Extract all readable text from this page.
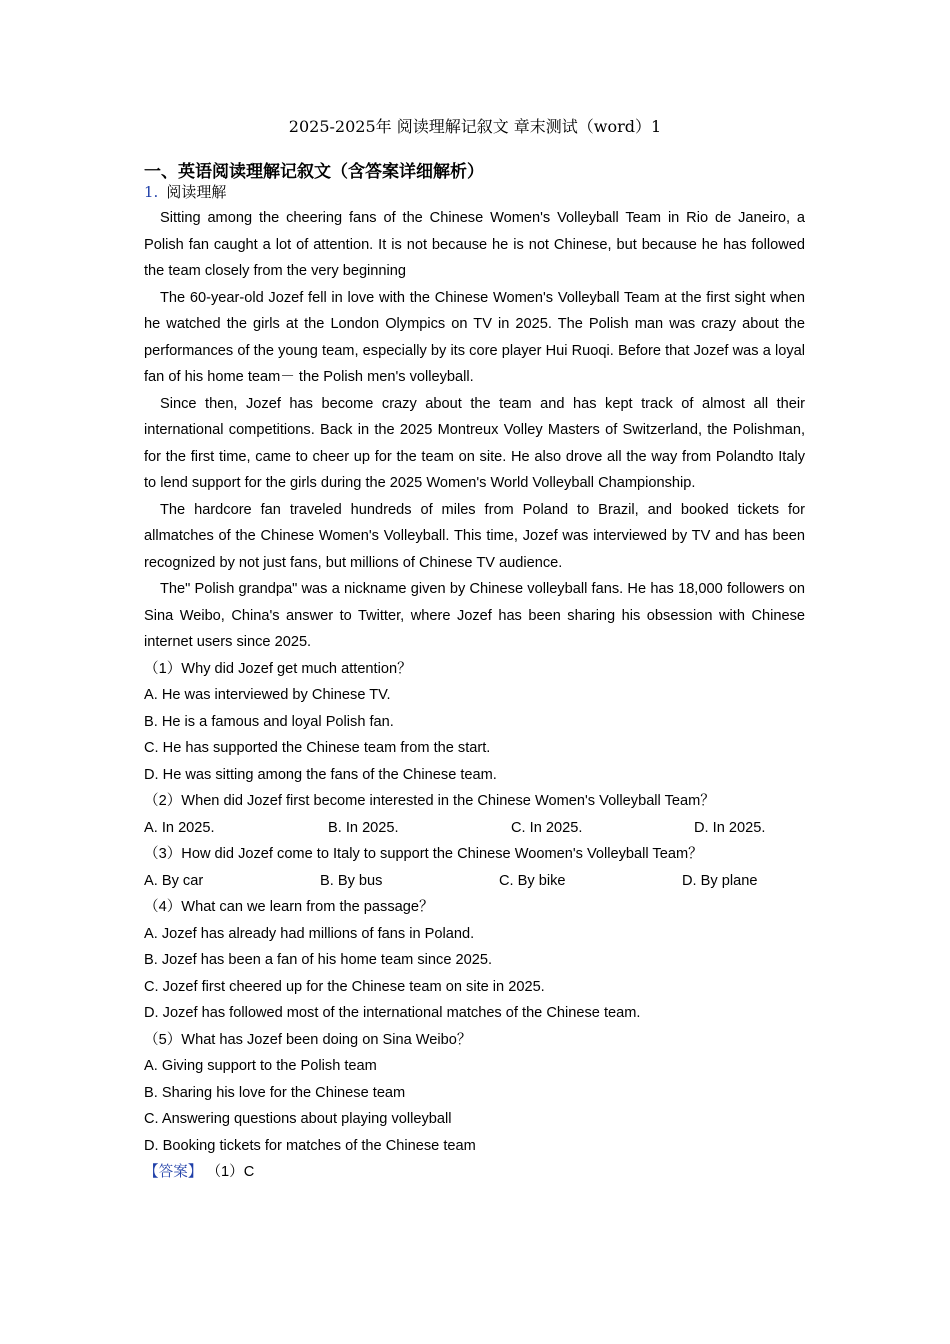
2025-2025年 阅读理解记叙文 章末测试（word）1
一、英语阅读理解记叙文（含答案详细解析）
1. 阅读理解

Sitting among the cheering fans of the Chinese Women's Volleyball Team in Rio de Janeiro, a Polish fan caught a lot of attention. It is not because he is not Chinese, but because he has followed the team closely from the very beginning

The 60-year-old Jozef fell in love with the Chinese Women's Volleyball Team at the first sight when he watched the girls at the London Olympics on TV in 2025. The Polish man was crazy about the performances of the young team, especially by its core player Hui Ruoqi. Before that Jozef was a loyal fan of his home team－ the Polish men's volleyball.

Since then, Jozef has become crazy about the team and has kept track of almost all their international competitions. Back in the 2025 Montreux Volley Masters of Switzerland, the Polishman, for the first time, came to cheer up for the team on site. He also drove all the way from Polandto Italy to lend support for the girls during the 2025 Women's World Volleyball Championship.

The hardcore fan traveled hundreds of miles from Poland to Brazil, and booked tickets for allmatches of the Chinese Women's Volleyball. This time, Jozef was interviewed by TV and has been recognized by not just fans, but millions of Chinese TV audience.

The" Polish grandpa" was a nickname given by Chinese volleyball fans. He has 18,000 followers on Sina Weibo, China's answer to Twitter, where Jozef has been sharing his obsession with Chinese internet users since 2025.

（1）Why did Jozef get much attention？

A. He was interviewed by Chinese TV.

B. He is a famous and loyal Polish fan.

C. He has supported the Chinese team from the start.

D. He was sitting among the fans of the Chinese team.

（2）When did Jozef first become interested in the Chinese Women's Volleyball Team？

A. In 2025.	B. In 2025.	C. In 2025.	D. In 2025.

（3）How did Jozef come to Italy to support the Chinese Woomen's Volleyball Team？

A. By car	B. By bus	C. By bike	D. By plane

（4）What can we learn from the passage？

A. Jozef has already had millions of fans in Poland.

B. Jozef has been a fan of his home team since 2025.

C. Jozef first cheered up for the Chinese team on site in 2025.

D. Jozef has followed most of the international matches of the Chinese team.

（5）What has Jozef been doing on Sina Weibo？

A. Giving support to the Polish team

B. Sharing his love for the Chinese team

C. Answering questions about playing volleyball

D. Booking tickets for matches of the Chinese team

【答案】 （1）C
